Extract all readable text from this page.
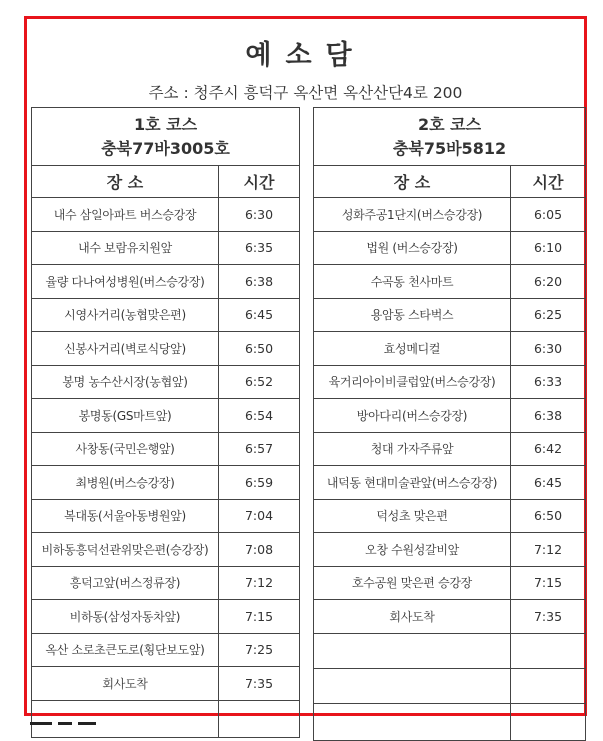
예소담
주소 : 청주시 흥덕구 옥산면 옥산산단4로 200
1호 코스
충북77바3005호	

장 소	시간
내수 삼일아파트 버스승강장	6:30
내수 보람유치원앞	6:35
율량 다나여성병원(버스승강장)	6:38
시영사거리(농협맞은편)	6:45
신봉사거리(벽로식당앞)	6:50
봉명 농수산시장(농협앞)	6:52
봉명동(GS마트앞)	6:54
사창동(국민은행앞)	6:57
최병원(버스승강장)	6:59
복대동(서울아동병원앞)	7:04
비하동흥덕선관위맞은편(승강장)	7:08
흥덕고앞(버스정류장)	7:12
비하동(삼성자동차앞)	7:15
옥산 소로초큰도로(횡단보도앞)	7:25
회사도착	7:35

2호 코스
충북75바5812	

장 소	시간
성화주공1단지(버스승강장)	6:05
법원 (버스승강장)	6:10
수곡동 천사마트	6:20
용암동 스타벅스	6:25
효성메디컬	6:30
육거리아이비클럽앞(버스승강장)	6:33
방아다리(버스승강장)	6:38
청대 가자주류앞	6:42
내덕동 현대미술관앞(버스승강장)	6:45
덕성초 맞은편	6:50
오창 수원성갈비앞	7:12
호수공원 맞은편 승강장	7:15
회사도착	7:35
